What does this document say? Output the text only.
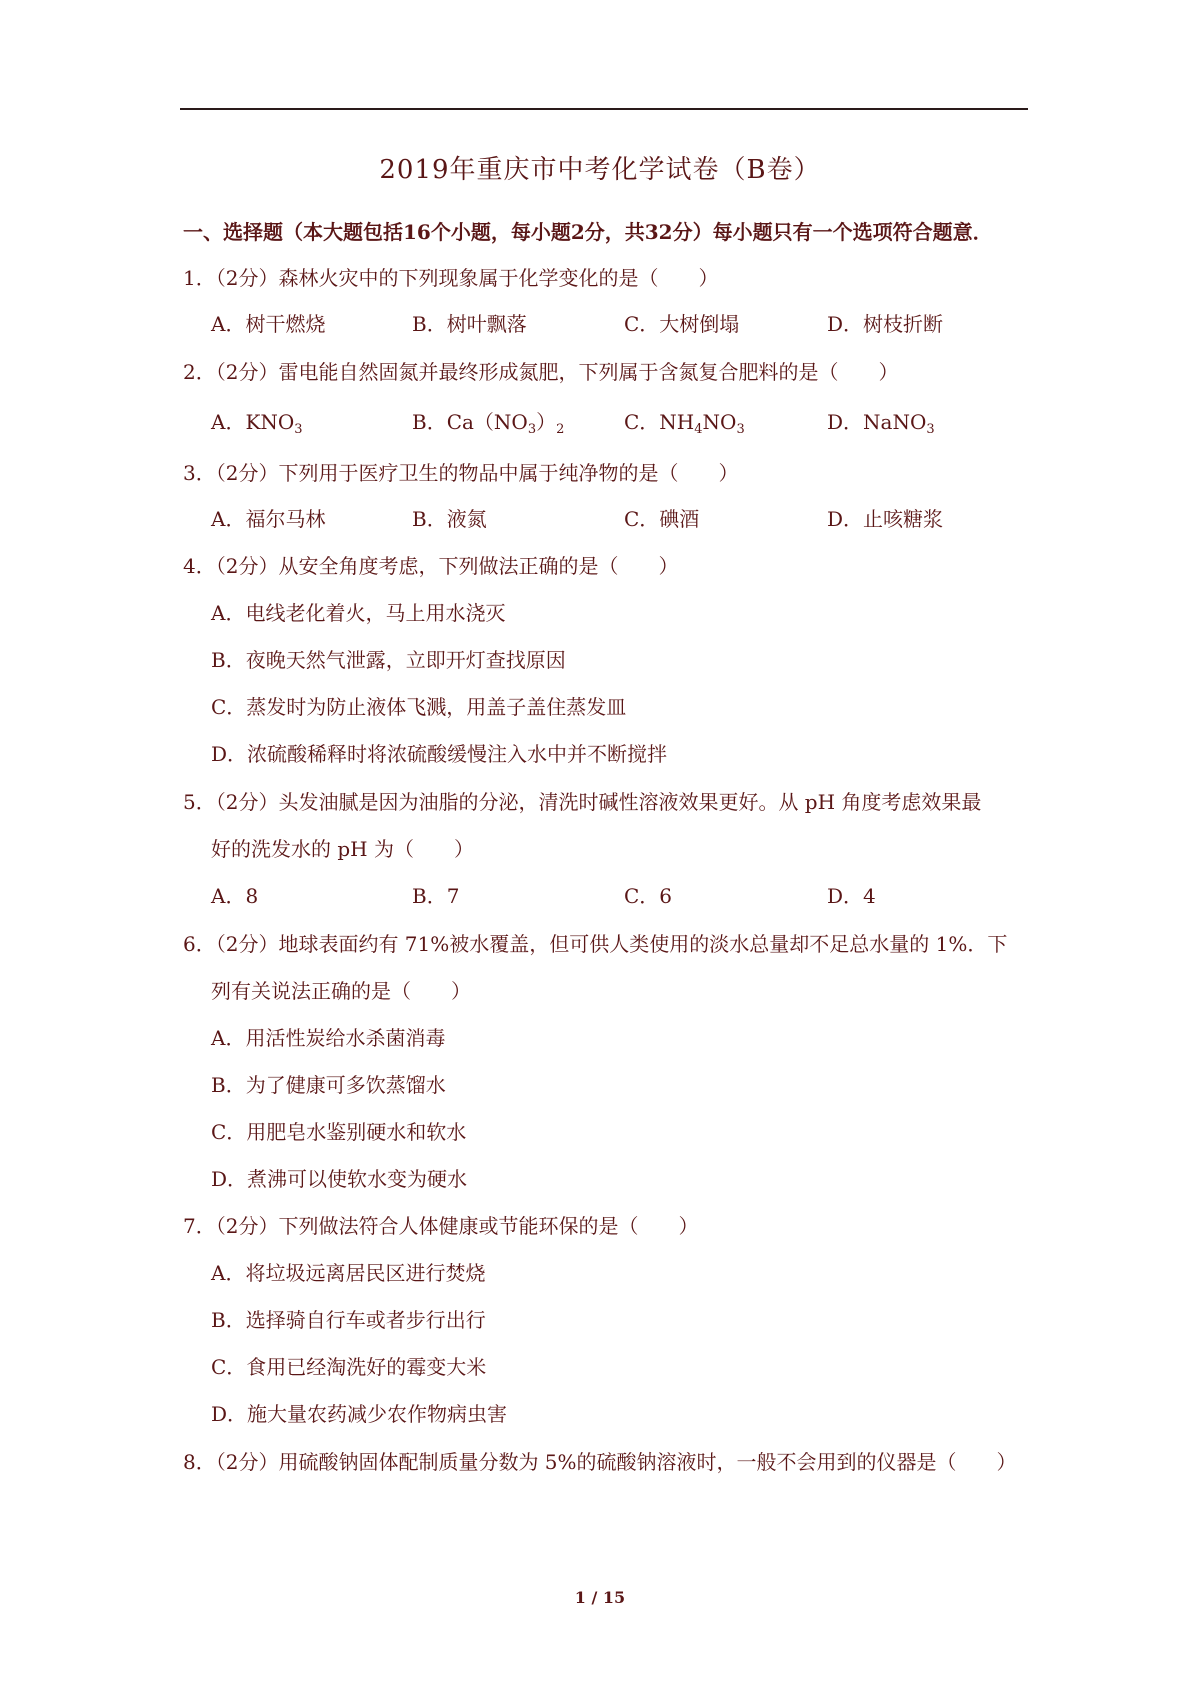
2019年重庆市中考化学试卷（B卷）
一、选择题（本大题包括16个小题，每小题2分，共32分）每小题只有一个选项符合题意．
1．（2分）森林火灾中的下列现象属于化学变化的是（　　）
A．树干燃烧	B．树叶飘落	C．大树倒塌	D．树枝折断
2．（2分）雷电能自然固氮并最终形成氮肥，下列属于含氮复合肥料的是（　　）
A．$KNO_3$	B．$Ca(NO_3)_2$	C．$NH_4NO_3$	D．NaNO$_3$
3．（2分）下列用于医疗卫生的物品中属于纯净物的是（　　）
A．福尔马林	B．液氮	C．碘酒	D．止咳糖浆
4．（2分）从安全角度考虑，下列做法正确的是（　　）
A．电线老化着火，马上用水浇灭
B．夜晚天然气泄露，立即开灯查找原因
C．蒸发时为防止液体飞溅，用盖子盖住蒸发皿
D．浓硫酸稀释时将浓硫酸缓慢注入水中并不断搅拌
5．（2分）头发油腻是因为油脂的分泌，清洗时碱性溶液效果更好。从 pH 角度考虑效果最
好的洗发水的 pH 为（　　）
A．8	B．7	C．6	D．4
6．（2分）地球表面约有 71%被水覆盖，但可供人类使用的淡水总量却不足总水量的 1%．下
列有关说法正确的是（　　）
A．用活性炭给水杀菌消毒
B．为了健康可多饮蒸馏水
C．用肥皂水鉴别硬水和软水
D．煮沸可以使软水变为硬水
7．（2分）下列做法符合人体健康或节能环保的是（　　）
A．将垃圾远离居民区进行焚烧
B．选择骑自行车或者步行出行
C．食用已经淘洗好的霉变大米
D．施大量农药减少农作物病虫害
8．（2分）用硫酸钠固体配制质量分数为 5%的硫酸钠溶液时，一般不会用到的仪器是（　　）
1 / 15
